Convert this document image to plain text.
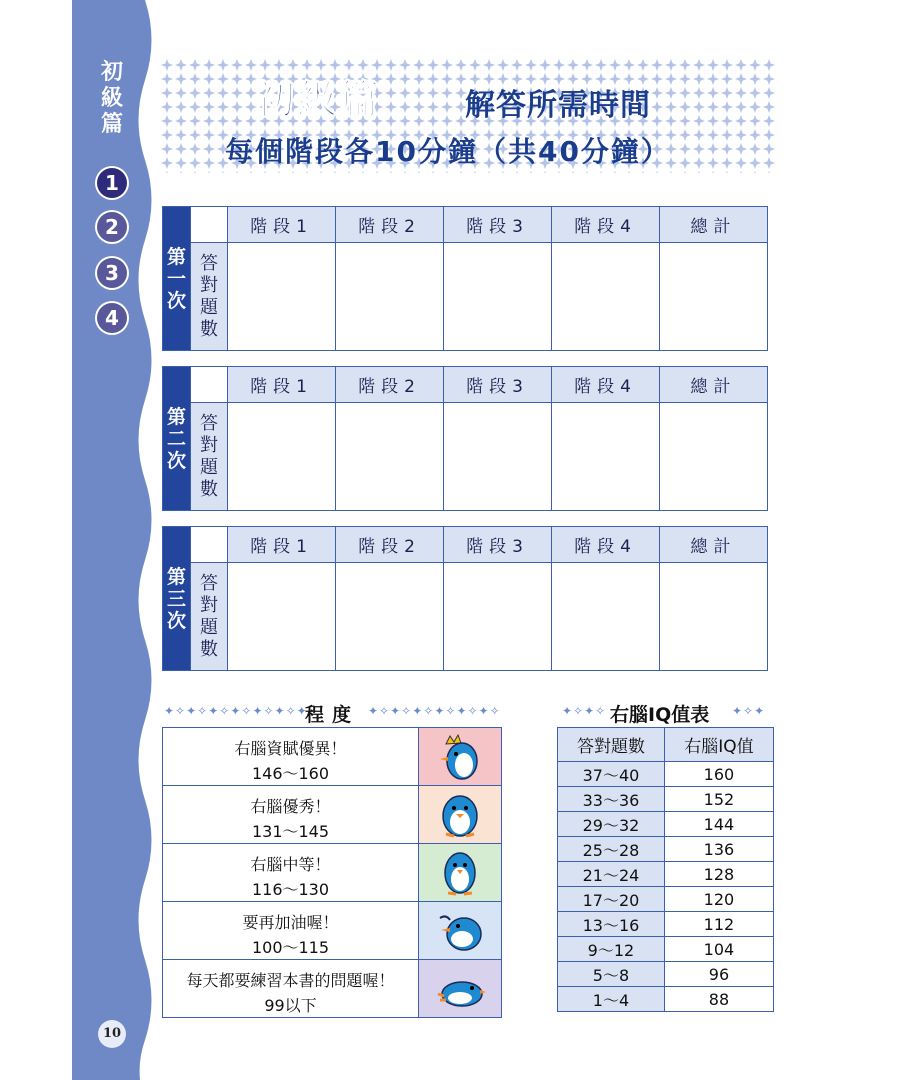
初級篇
1
2
3
4
10
初級篇	解答所需時間
每個階段各10分鐘（共40分鐘）
第一次		階段1	階段2	階段3	階段4	總計
	答對題數					
第二次		階段1	階段2	階段3	階段4	總計
	答對題數					
第三次		階段1	階段2	階段3	階段4	總計
	答對題數					
✦✧✦✧✦✧✦✧✦✧✦✧✦
程度 ✦✧✦✧✦✧✦✧✦✧✦✧
右腦資賦優異！
146〜160
右腦優秀！
131〜145
右腦中等！
116〜130
要再加油喔！
100〜115
每天都要練習本書的問題喔！
99以下
✦✧✦✧ 右腦IQ值表 ✦✧✦
答對題數	右腦IQ值
37〜40	160
33〜36	152
29〜32	144
25〜28	136
21〜24	128
17〜20	120
13〜16	112
9〜12	104
5〜8	96
1〜4	88
